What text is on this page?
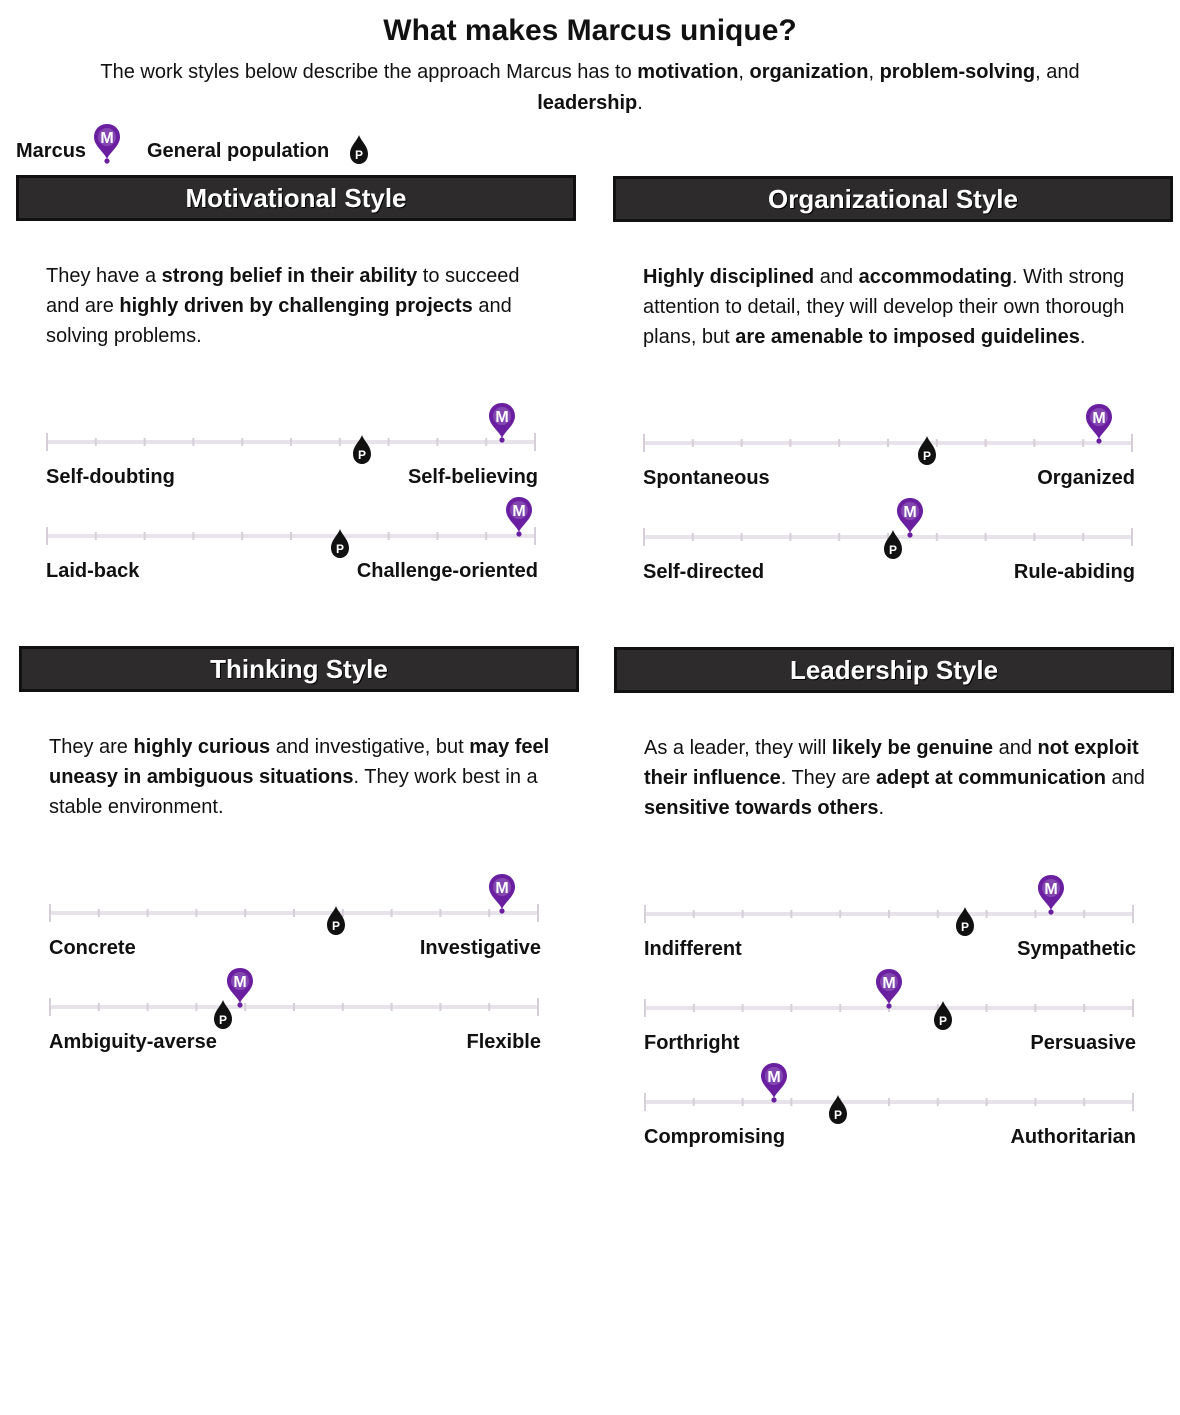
What makes Marcus unique?
The work styles below describe the approach Marcus has to motivation, organization, problem-solving, and leadership.
Marcus
M
General population P
Motivational Style
They have a strong belief in their ability to succeed and are highly driven by challenging projects and solving problems.
Self-doubting	Self-believing
P
M
Laid-back	Challenge-oriented
P
M
Organizational Style
Highly disciplined and accommodating. With strong attention to detail, they will develop their own thorough plans, but are amenable to imposed guidelines.
Spontaneous	Organized
P
M
Self-directed	Rule-abiding
P
M
Thinking Style
They are highly curious and investigative, but may feel uneasy in ambiguous situations. They work best in a stable environment.
Concrete	Investigative
P
M
Ambiguity-averse	Flexible
P
M
Leadership Style
As a leader, they will likely be genuine and not exploit their influence. They are adept at communication and sensitive towards others.
Indifferent	Sympathetic
P
M
Forthright	Persuasive
P
M
Compromising	Authoritarian
P
M
